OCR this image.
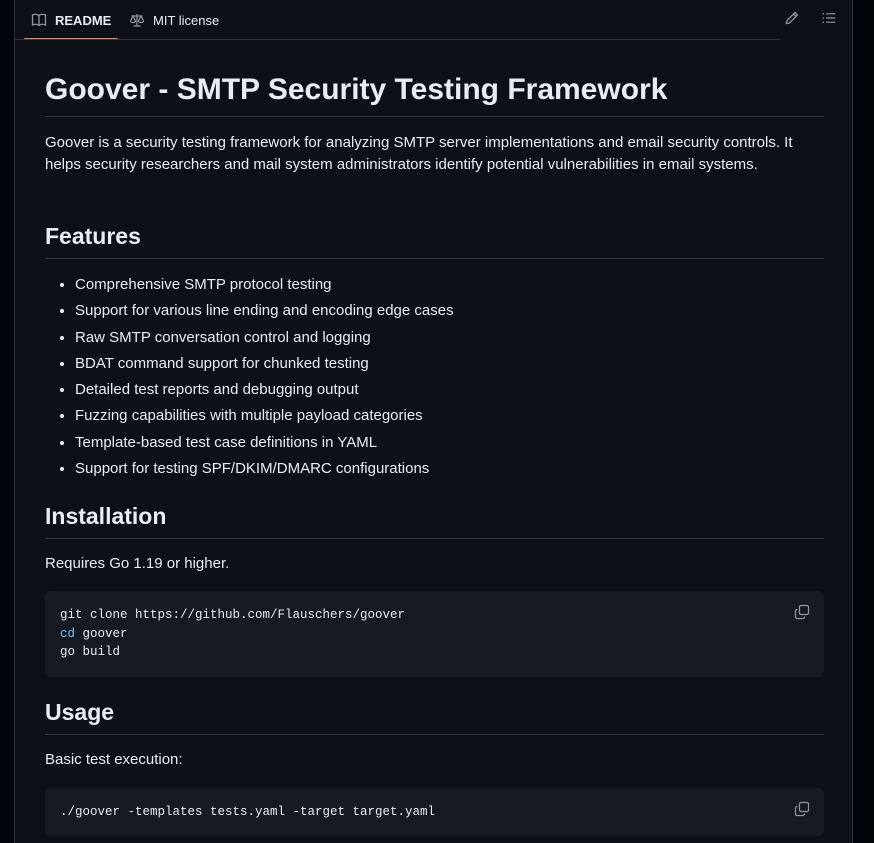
README	MIT license
Goover - SMTP Security Testing Framework

Goover is a security testing framework for analyzing SMTP server implementations and email security controls. It helps security researchers and mail system administrators identify potential vulnerabilities in email systems.

Features
• Comprehensive SMTP protocol testing
• Support for various line ending and encoding edge cases
• Raw SMTP conversation control and logging
• BDAT command support for chunked testing
• Detailed test reports and debugging output
• Fuzzing capabilities with multiple payload categories
• Template-based test case definitions in YAML
• Support for testing SPF/DKIM/DMARC configurations
Installation

Requires Go 1.19 or higher.

git clone https://github.com/Flauschers/goover
cd goover
go build
Usage

Basic test execution:

./goover -templates tests.yaml -target target.yaml
